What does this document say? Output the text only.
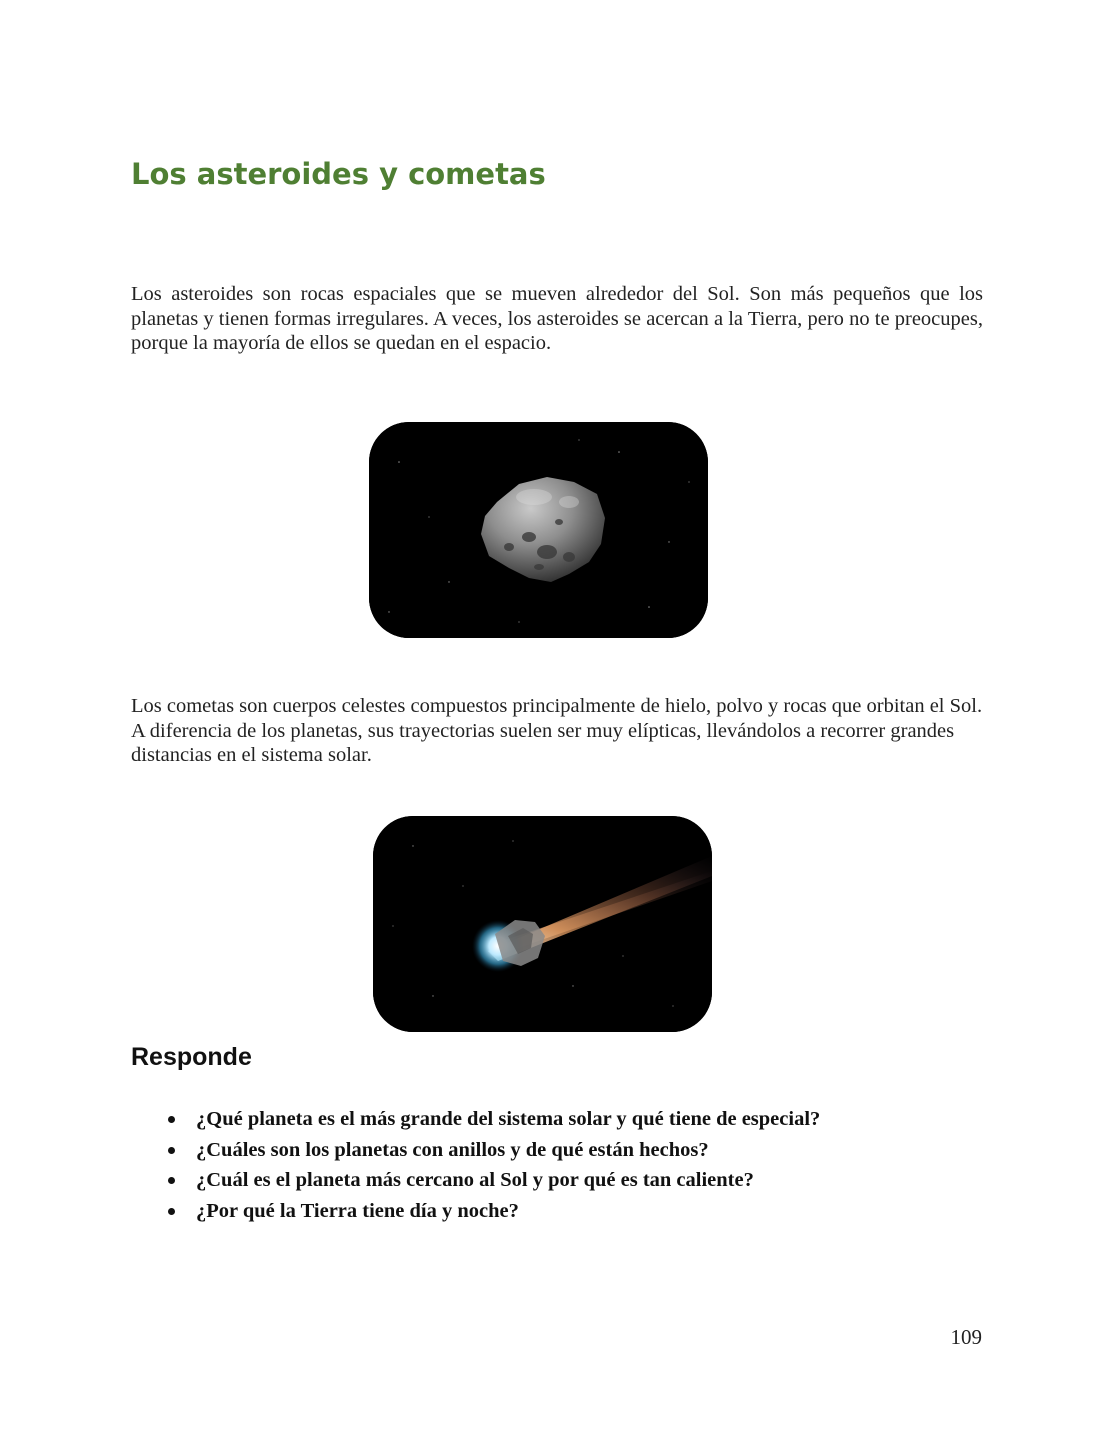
Los asteroides y cometas

Los asteroides son rocas espaciales que se mueven alrededor del Sol. Son más pequeños que los planetas y tienen formas irregulares. A veces, los asteroides se acercan a la Tierra, pero no te preocupes, porque la mayoría de ellos se quedan en el espacio.

Los cometas son cuerpos celestes compuestos principalmente de hielo, polvo y rocas que orbitan el Sol. A diferencia de los planetas, sus trayectorias suelen ser muy elípticas, llevándolos a recorrer grandes distancias en el sistema solar.

Responde
¿Qué planeta es el más grande del sistema solar y qué tiene de especial?
¿Cuáles son los planetas con anillos y de qué están hechos?
¿Cuál es el planeta más cercano al Sol y por qué es tan caliente?
¿Por qué la Tierra tiene día y noche?

109
